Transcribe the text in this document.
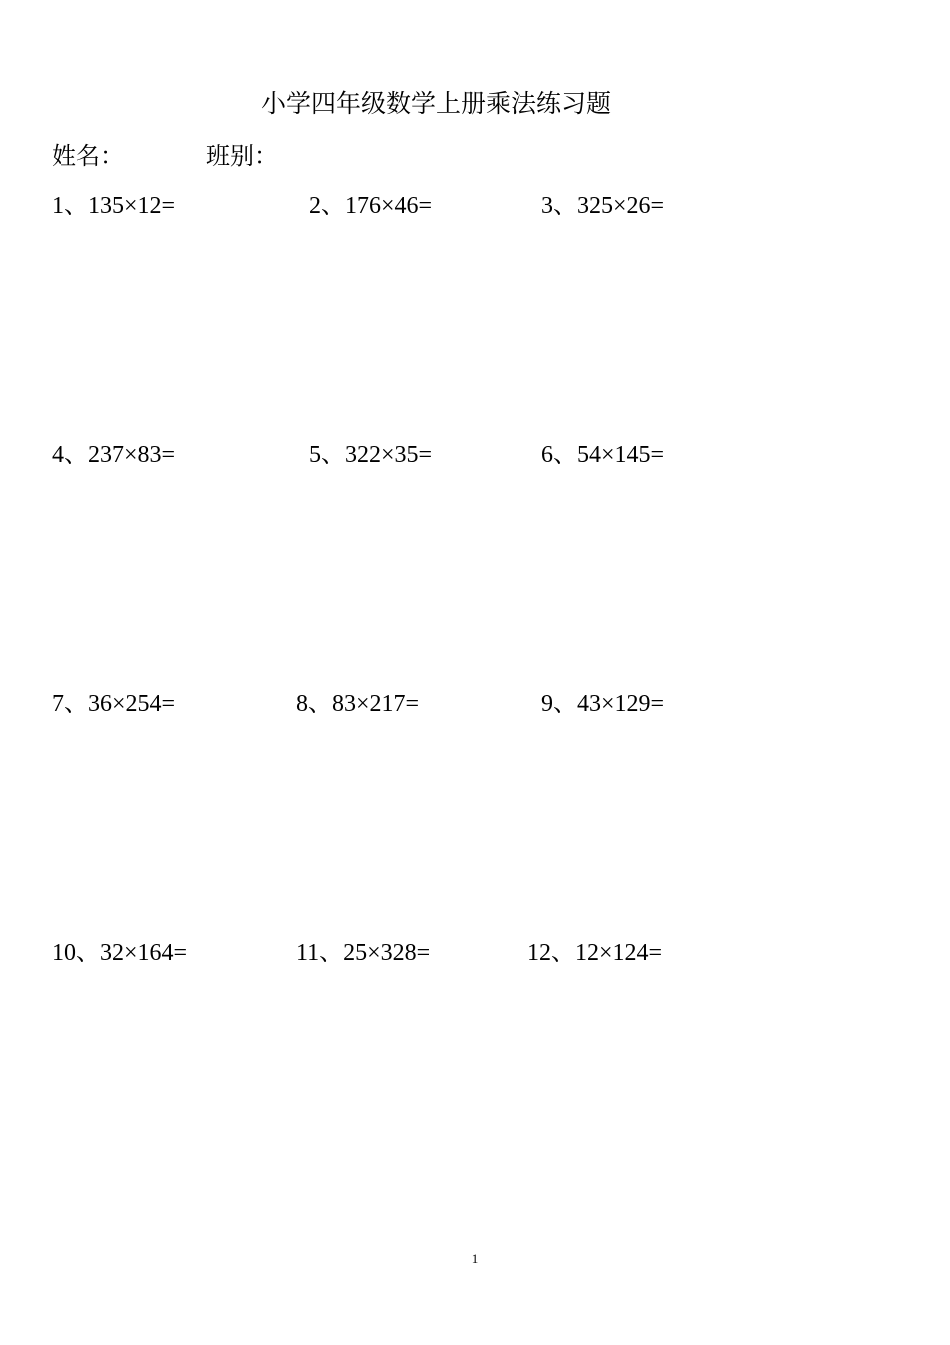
小学四年级数学上册乘法练习题
姓名：	班别：
1、135×12=	2、176×46=	3、325×26=
4、237×83=	5、322×35=	6、54×145=
7、36×254=	8、83×217=	9、43×129=
10、32×164=	11、25×328=	12、12×124=
1
